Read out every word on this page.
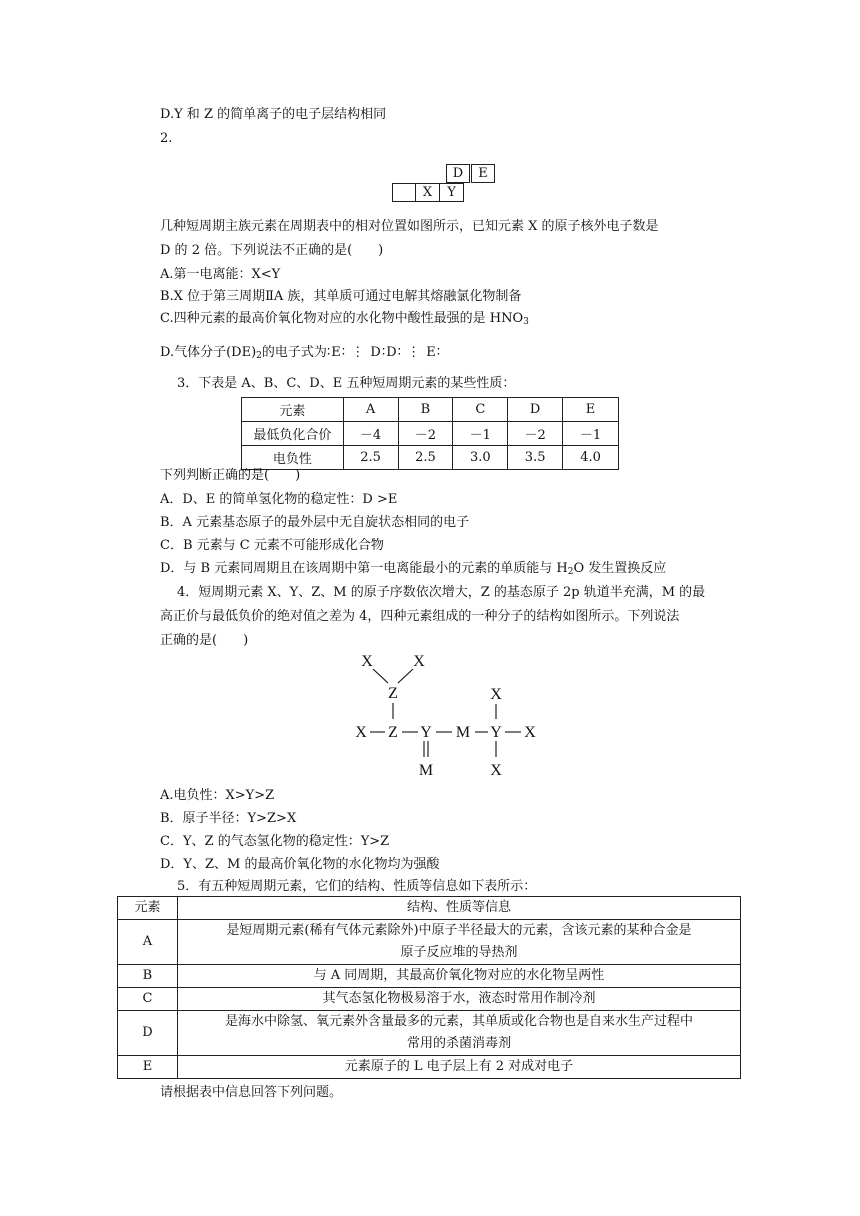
D.Y 和 Z 的简单离子的电子层结构相同
2.
D	E
X	Y
几种短周期主族元素在周期表中的相对位置如图所示，已知元素 X 的原子核外电子数是
D 的 2 倍。下列说法不正确的是(　　)
A.第一电离能：X<Y
B.X 位于第三周期ⅡA 族，其单质可通过电解其熔融氯化物制备
C.四种元素的最高价氧化物对应的水化物中酸性最强的是 $HNO_3$
D.气体分子$(DE)_2$的电子式为∶E∶ ⋮ D∶D∶ ⋮ E∶
3．下表是 A、B、C、D、E 五种短周期元素的某些性质：
元素	A	B	C	D	E
最低负化合价	－4	－2	－1	－2	－1
电负性	2.5	2.5	3.0	3.5	4.0
下列判断正确的是(　　)
A．D、E 的简单氢化物的稳定性：D >E
B．A 元素基态原子的最外层中无自旋状态相同的电子
C．B 元素与 C 元素不可能形成化合物
D．与 B 元素同周期且在该周期中第一电离能最小的元素的单质能与 $H_2O$ 发生置换反应
4．短周期元素 X、Y、Z、M 的原子序数依次增大，Z 的基态原子 2p 轨道半充满，M 的最
高正价与最低负价的绝对值之差为 4，四种元素组成的一种分子的结构如图所示。下列说法
正确的是(　　)
X	X
Z
X Z Y M Y
X
X
M	X
A.电负性：X>Y>Z
B．原子半径：Y>Z>X
C．Y、Z 的气态氢化物的稳定性：Y>Z
D．Y、Z、M 的最高价氧化物的水化物均为强酸
5．有五种短周期元素，它们的结构、性质等信息如下表所示：
元素	结构、性质等信息
A	是短周期元素(稀有气体元素除外)中原子半径最大的元素，含该元素的某种合金是
原子反应堆的导热剂

B	与 A 同周期，其最高价氧化物对应的水化物呈两性
C	其气态氢化物极易溶于水，液态时常用作制冷剂
D	是海水中除氢、氧元素外含量最多的元素，其单质或化合物也是自来水生产过程中
常用的杀菌消毒剂

E	元素原子的 L 电子层上有 2 对成对电子
请根据表中信息回答下列问题。
